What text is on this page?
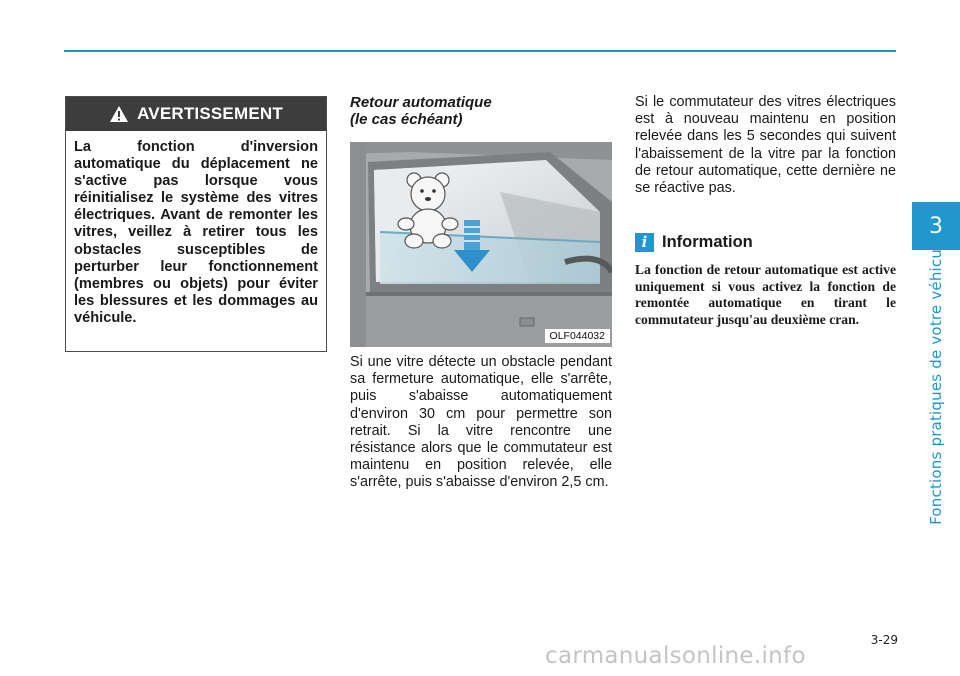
AVERTISSEMENT
La fonction d'inversion automatique du déplacement ne s'active pas lorsque vous réinitialisez le système des vitres électriques. Avant de remonter les vitres, veillez à retirer tous les obstacles susceptibles de perturber leur fonctionnement (membres ou objets) pour éviter les blessures et les dommages au véhicule.
Retour automatique
(le cas échéant)
OLF044032
Si une vitre détecte un obstacle pendant sa fermeture automatique, elle s'arrête, puis s'abaisse automatiquement d'environ 30 cm pour permettre son retrait. Si la vitre rencontre une résistance alors que le commutateur est maintenu en position relevée, elle s'arrête, puis s'abaisse d'environ 2,5 cm.
Si le commutateur des vitres électriques est à nouveau maintenu en position relevée dans les 5 secondes qui suivent l'abaissement de la vitre par la fonction de retour automatique, cette dernière ne se réactive pas.
i Information
La fonction de retour automatique est active uniquement si vous activez la fonction de remontée automatique en tirant le commutateur jusqu'au deuxième cran.
3
Fonctions pratiques de votre véhicule
3-29
carmanualsonline.info
